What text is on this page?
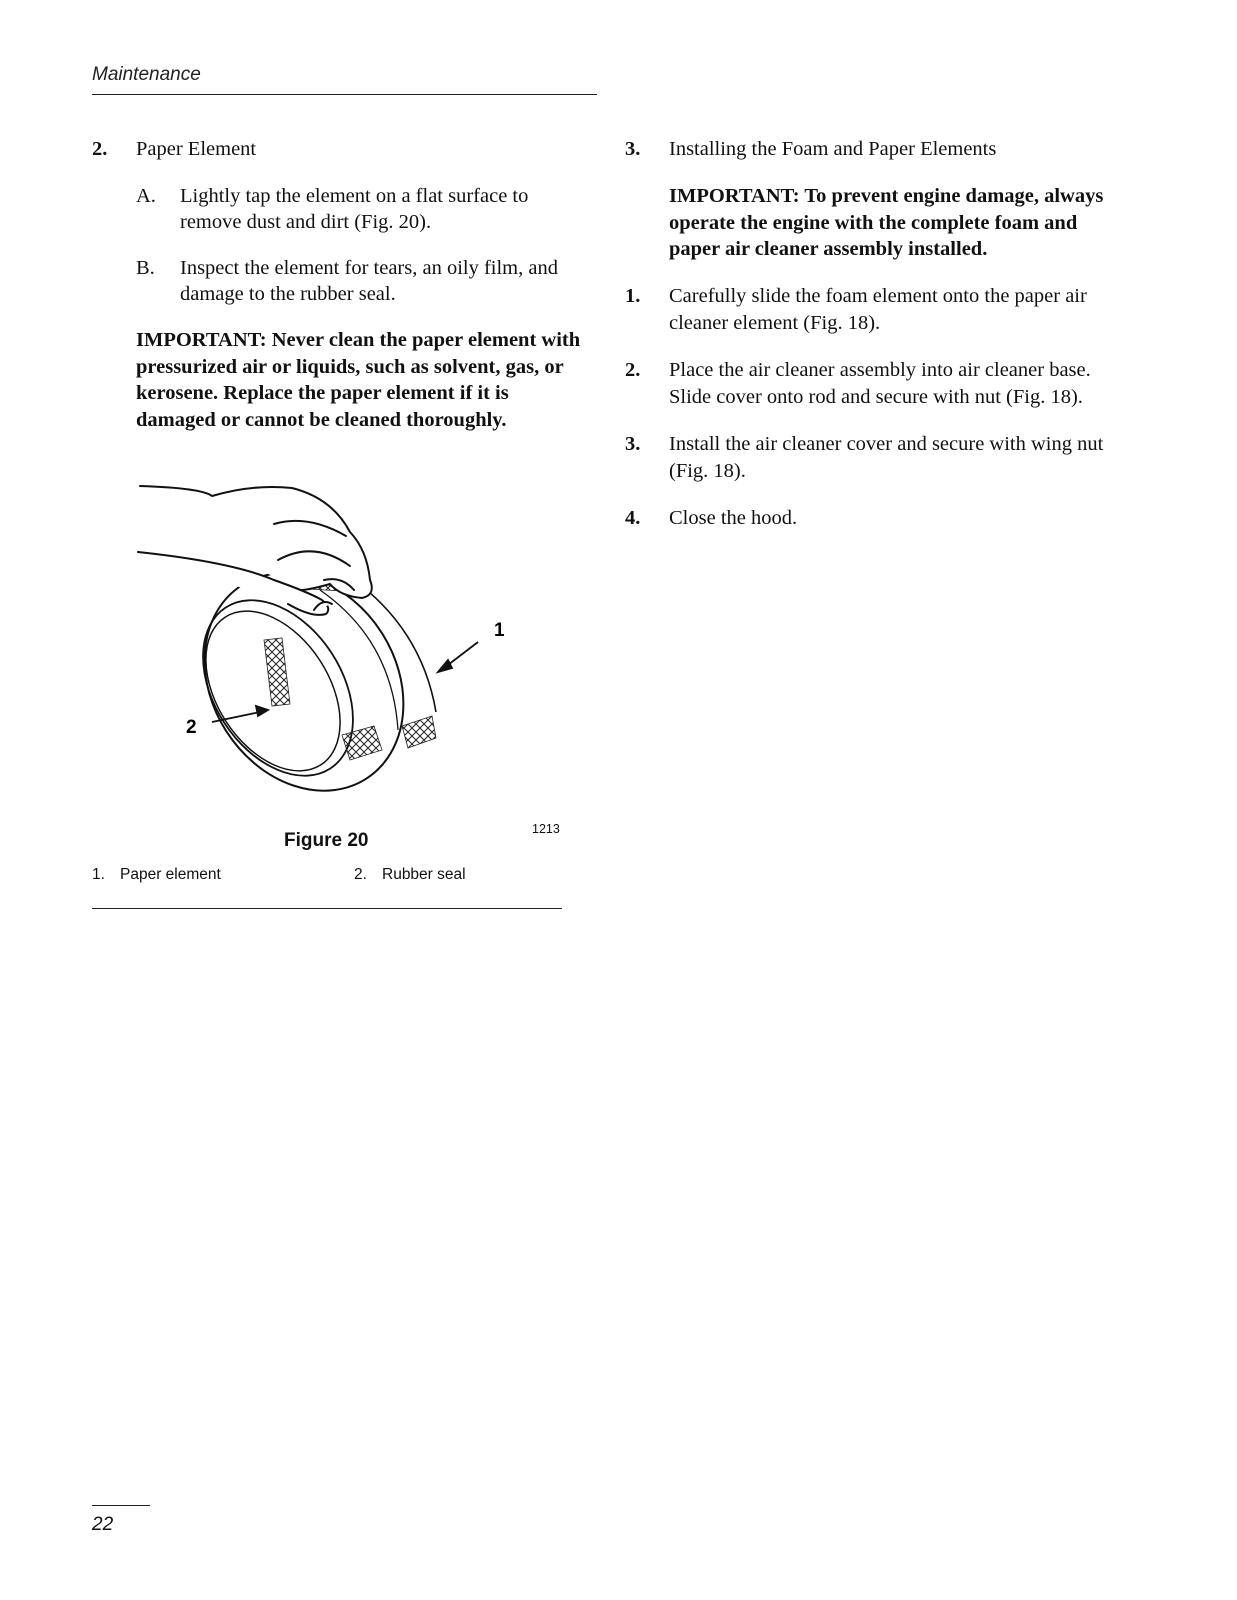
Maintenance
2. Paper Element
A. Lightly tap the element on a flat surface to remove dust and dirt (Fig. 20).
B. Inspect the element for tears, an oily film, and damage to the rubber seal.
IMPORTANT: Never clean the paper element with pressurized air or liquids, such as solvent, gas, or kerosene. Replace the paper element if it is damaged or cannot be cleaned thoroughly.
1
2
1213
Figure 20
1. Paper element	2. Rubber seal
3. Installing the Foam and Paper Elements
IMPORTANT: To prevent engine damage, always operate the engine with the complete foam and paper air cleaner assembly installed.
1. Carefully slide the foam element onto the paper air cleaner element (Fig. 18).
2. Place the air cleaner assembly into air cleaner base. Slide cover onto rod and secure with nut (Fig. 18).
3. Install the air cleaner cover and secure with wing nut (Fig. 18).
4. Close the hood.
22
